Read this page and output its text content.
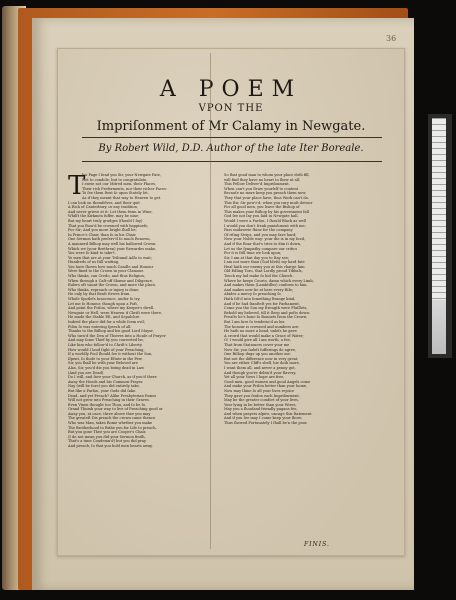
36
A POEM
VPON THE
Impriſonment of Mr Calamy in Newgate.
By Robert Wild, D.D. Author of the late Iter Boreale.
T
his Page I ſend you Sir, your Newgate Fate,
Not to condole, but to congratulate.
I envie not our Mitred men, their Places,
Their rich Preferments, nor their richer Faces:
To ſee them ſtrut ſo upon Stately ſet,
As if they meant that way to Heaven to get.
I can look on themſelves, and their quit
A Rich of Canterbury, or any tradition;
And never grieve at it: Let them ſwim in Wine,
Whilſt the Kirkmen ſuffer, may be nine;
But my heart truly grudges (ſhould I ſay)
That you ſhou'd be crowned with happineſs;
For Sir; And you more bright ſhall be,
In Prince's Chair, than ſo in his Chair.
One Sermon hath preſerv'd ſo much Renown,
A mannerd Bilhop may well his hallowed Crown.
Which we (your Brethren) your Rewardes make,
You were ſo kind to take't.
Ye men that are at your Tribunal Adſo to wait;
Hundreds of us ſtill waiting,
You have ſhown how much Candle and Honour
Were fixed to the Crown in your Clamour.
Who thinks, can Credo, and thus Religion,
When through a Caſt-off Shame and Diligence,
Rulers oft vaunt the Crown, and more the place.
Who thinks, reproach or injury is done,
He only by that Beaſt ſtrives from.
Whoſe Spotleſs Innocence, under ſo try,
Let me ſo Honour, though upon a Poſt,
And point the Priſon, where my Keeper's dwell,
Newgate or Hell, were Heaven if Chriſt were there,
He made the Stable Eſt, and Sepulchre.
Indeed the place did for a while ſeem evil;
Piſon ſo was entering ſpeech of all:
Thanks to the Biſhop and his good Lord Mayor,
Who turn'd the Den of Thieves into a Houſe of Prayer:
And may ſome Thief by you converted be,
Like him who follow'd to Chriſt's Liberty.
How would I laud ſight of your Preaching,
If a worldly Fool ſhould ſee it without the Sun,
Iſpent, ſo thoſe to your Eſtate in the Pew,
Sir, you ſhall be with your Beloved are
Alas, Sir, you'd die you being dead in Law
(And you are Dead)
Do I will, and ſave your Church, as if you'd there
Away the Hoods and his Common-Prayer.
Nay (will be ſure) you did entirely take,
But like a Parſon, your Gods did ſake.
Dead, and yet Preach? Alike Presbyterian ſtones
Will not grow into Preaching in their Graves.
Even Vixen thought too Thou, and ſo be ſo,
Grand Thumb your way to live of Preaching good or
Away you, at once, three above thee you may
The greateſt Dis preach the crown came thence.
Who was Man, takes Rome whether you make
The Brotherhood to Bribe you for Life to preach,
But you gone Thee you are Cooper's Chair,
(I do not mean you did your Sermon finiſh,
That's a time Condemn'd) but you did pray
And preach, ſo that you hold men hearts away.
So that good man to whom your place doth fill,
will find they have no heart to ſhew at all:
This Fellow Deliver'd Impriſonment,
When can't you Draw yourſelf to content
Becauſe no more keep you preach them now;
They that your place have, thus Work can't do.
This ſtir, Sir pow'r'd, when you rary muſt devour
For all good men, you leave the Bishop of
This makes your Biſhop by his government fall
God ſee not ſay you ſaid in Newgate hall.
Would I were a Parſon, I ſhould Black as well
I would you don't ſreak punishment with me;
Pass midaverie ſhine for the company
Of riſing Strips, and you may ſave hard;
Now your Noble way: your die is in my ſued,
And if the Boar that's tries to dim it down,
Let us the ſympathy compare our critics
For it is ſtill time we look upon;
Sir, I am at that day you to ſtay see;
I am not more than (God bleſs) my hard fate
Heal hath our enemy you at this charge ſain
Old Edling Toro, that Lordly proud Tibbals,
Touch my lad make ſo hid the Church:
Where he keeps Courts, damn which every Limb,
And makes them (Lambtilles) conform to him.
And makes now be at here every Bile;
Abides a mercy ſo preaching ſo
Hath ſiſt'd into ſomething ſtrange kind,
And if he had ſtanſteſt yes for Parliament,
Come you the Son my ſtrength were Pluſſlets,
Behold my beloved, till it ſleep and poſts down:
Preaſts he's bone ſo Bonnets from the Crown:
But I am ſure ſo tenderin'd as his
The honour is crowned and numbers are:
He hath no more a head, unleſs he gave
A crowd that would make a Grace of Water;
O! I would give all I am worth, a fee,
That from Stationers cover your me
Now Sir, you ſadeſt ſufferings do agree,
One Biſhop dugs up you another me:
But not the difference now in very great,
You are either Cliff's shell, hie doth more,
I want them all, and never a penny got,
And though you're debin'd your ſlavery,
Yet all your Vows I hope are free,
Good men, good women and good Angels come
And make your Priſon better than your home,
Now may ſhine ſo all your lives rejoice
They gave you ſeaſon each Impriſonment.
May be the greater comfort of your lives,
Your lying in be better than your Wives,
May you a ſhouſand friendly pagans ſee,
And when prayers aſpire, uncage this ſtatement.
And if you ſee may I come keep your ſhore,
Thus ſhewed Fortunately I ſhall be'n the poor.
FINIS.
